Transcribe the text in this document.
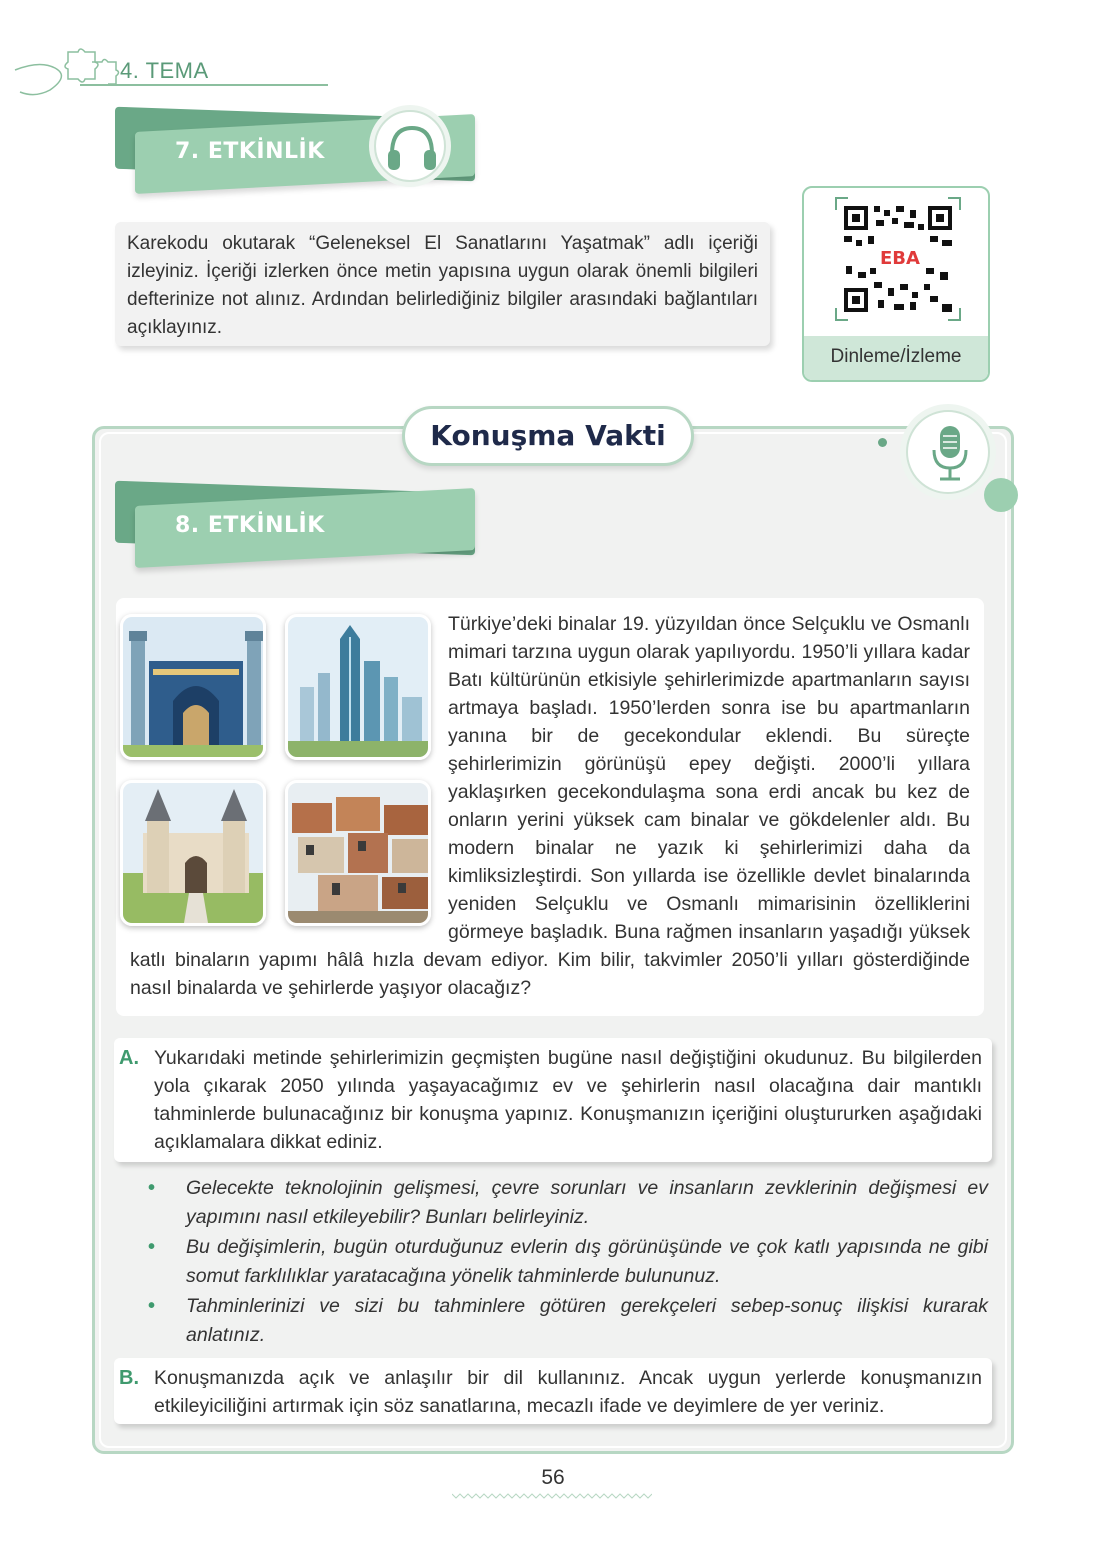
4. TEMA
7. ETKİNLİK
Karekodu okutarak “Geleneksel El Sanatlarını Yaşatmak” adlı içeriği izleyiniz. İçeriği izlerken önce metin yapısına uygun olarak önemli bilgileri defterinize not alınız. Ardından belirlediğiniz bilgiler arasındaki bağlantıları açıklayınız.
EBA
Dinleme/İzleme
Konuşma Vakti
8. ETKİNLİK
Türkiye’deki binalar 19. yüzyıldan önce Selçuklu ve Osmanlı mimari tarzına uygun olarak yapılıyordu. 1950’li yıllara kadar Batı kültürünün etkisiyle şehirlerimizde apartmanların sayısı artmaya başladı. 1950’lerden sonra ise bu apartmanların yanına bir de gecekondular eklendi. Bu süreçte şehirlerimizin görünüşü epey değişti. 2000’li yıllara yaklaşırken gecekondulaşma sona erdi ancak bu kez de onların yerini yüksek cam binalar ve gökdelenler aldı. Bu modern binalar ne yazık ki şehirlerimizi daha da kimliksizleştirdi. Son yıllarda ise özellikle devlet binalarında yeniden Selçuklu ve Osmanlı mimarisinin özelliklerini görmeye başladık. Buna rağmen insanların yaşadığı yüksek katlı binaların yapımı hâlâ hızla devam ediyor. Kim bilir, takvimler 2050’li yılları gösterdiğinde nasıl binalarda ve şehirlerde yaşıyor olacağız?
A. Yukarıdaki metinde şehirlerimizin geçmişten bugüne nasıl değiştiğini okudunuz. Bu bilgilerden yola çıkarak 2050 yılında yaşayacağımız ev ve şehirlerin nasıl olacağına dair mantıklı tahminlerde bulunacağınız bir konuşma yapınız. Konuşmanızın içeriğini oluştururken aşağıdaki açıklamalara dikkat ediniz.
• Gelecekte teknolojinin gelişmesi, çevre sorunları ve insanların zevklerinin değişmesi ev yapımını nasıl etkileyebilir? Bunları belirleyiniz.
• Bu değişimlerin, bugün oturduğunuz evlerin dış görünüşünde ve çok katlı yapısında ne gibi somut farklılıklar yaratacağına yönelik tahminlerde bulununuz.
• Tahminlerinizi ve sizi bu tahminlere götüren gerekçeleri sebep-sonuç ilişkisi kurarak anlatınız.
B. Konuşmanızda açık ve anlaşılır bir dil kullanınız. Ancak uygun yerlerde konuşmanızın etkileyiciliğini artırmak için söz sanatlarına, mecazlı ifade ve deyimlere de yer veriniz.
56
